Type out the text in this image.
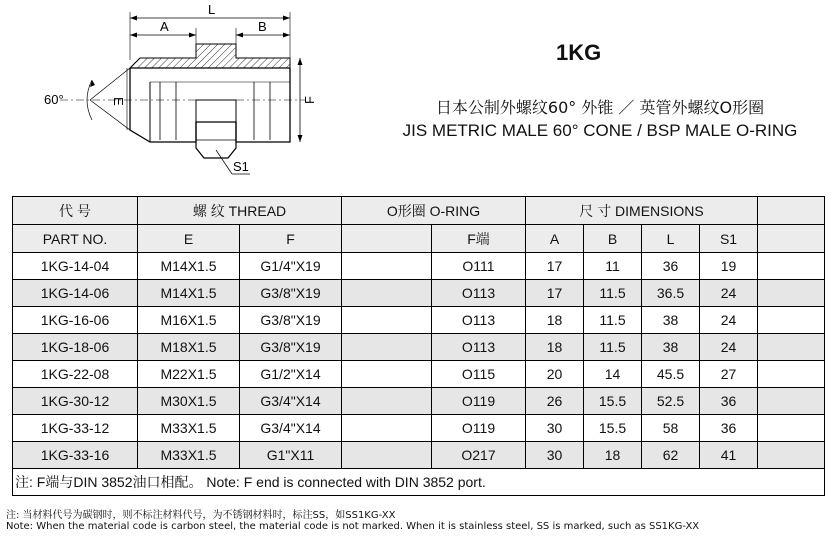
L
A	B
60°	E	F
S1
1KG
日本公制外螺纹60° 外锥 ／ 英管外螺纹O形圈
JIS METRIC MALE 60° CONE / BSP MALE O-RING
代 号	螺 纹 THREAD		O形圈 O-RING		尺 寸 DIMENSIONS				
PART NO.	E	F		F端	A	B	L	S1	
1KG-14-04	M14X1.5	G1/4"X19		O111	17	11	36	19	
1KG-14-06	M14X1.5	G3/8"X19		O113	17	11.5	36.5	24	
1KG-16-06	M16X1.5	G3/8"X19		O113	18	11.5	38	24	
1KG-18-06	M18X1.5	G3/8"X19		O113	18	11.5	38	24	
1KG-22-08	M22X1.5	G1/2"X14		O115	20	14	45.5	27	
1KG-30-12	M30X1.5	G3/4"X14		O119	26	15.5	52.5	36	
1KG-33-12	M33X1.5	G3/4"X14		O119	30	15.5	58	36	
1KG-33-16	M33X1.5	G1"X11		O217	30	18	62	41	
注: F端与DIN 3852油口相配。 Note: F end is connected with DIN 3852 port.									
注: 当材料代号为碳钢时，则不标注材料代号，为不锈钢材料时，标注SS，如SS1KG-XX
Note: When the material code is carbon steel, the material code is not marked. When it is stainless steel, SS is marked, such as SS1KG-XX
